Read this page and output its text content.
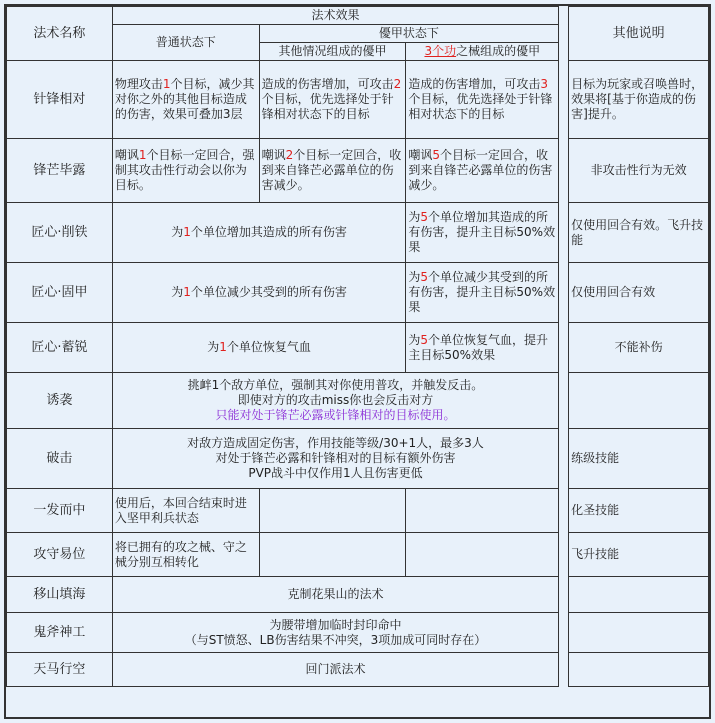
法术名称	法术效果				其他说明
	普通状态下	優甲状态下			
		其他情况组成的優甲	3个功之械组成的優甲		
针锋相对	物理攻击1个目标，减少其对你之外的其他目标造成的伤害，效果可叠加3层	造成的伤害增加，可攻击2个目标，优先选择处于针锋相对状态下的目标	造成的伤害增加，可攻击3个目标，优先选择处于针锋相对状态下的目标		目标为玩家或召唤兽时，效果将[基于你造成的伤害]提升。
锋芒毕露	嘲讽1个目标一定回合，强制其攻击性行动会以你为目标。	嘲讽2个目标一定回合，收到来自锋芒必露单位的伤害减少。	嘲讽5个目标一定回合，收到来自锋芒必露单位的伤害减少。		非攻击性行为无效
匠心·削铁	为1个单位增加其造成的所有伤害		为5个单位增加其造成的所有伤害，提升主目标50%效果		仅使用回合有效。飞升技能
匠心·固甲	为1个单位减少其受到的所有伤害		为5个单位减少其受到的所有伤害，提升主目标50%效果		仅使用回合有效
匠心·蓄锐	为1个单位恢复气血		为5个单位恢复气血，提升主目标50%效果		不能补伤
诱袭	挑衅1个敌方单位，强制其对你使用普攻，并触发反击。
即使对方的攻击miss你也会反击对方
只能对处于锋芒必露或针锋相对的目标使用。				

破击	对敌方造成固定伤害，作用技能等级/30+1人，最多3人
对处于锋芒必露和针锋相对的目标有额外伤害
PVP战斗中仅作用1人且伤害更低				练级技能
一发而中	使用后，本回合结束时进入坚甲利兵状态				化圣技能
攻守易位	将已拥有的攻之械、守之械分别互相转化				飞升技能
移山填海	克制花果山的法术				
鬼斧神工	为腰带增加临时封印命中
（与ST愤怒、LB伤害结果不冲突，3项加成可同时存在）				

天马行空	回门派法术				
